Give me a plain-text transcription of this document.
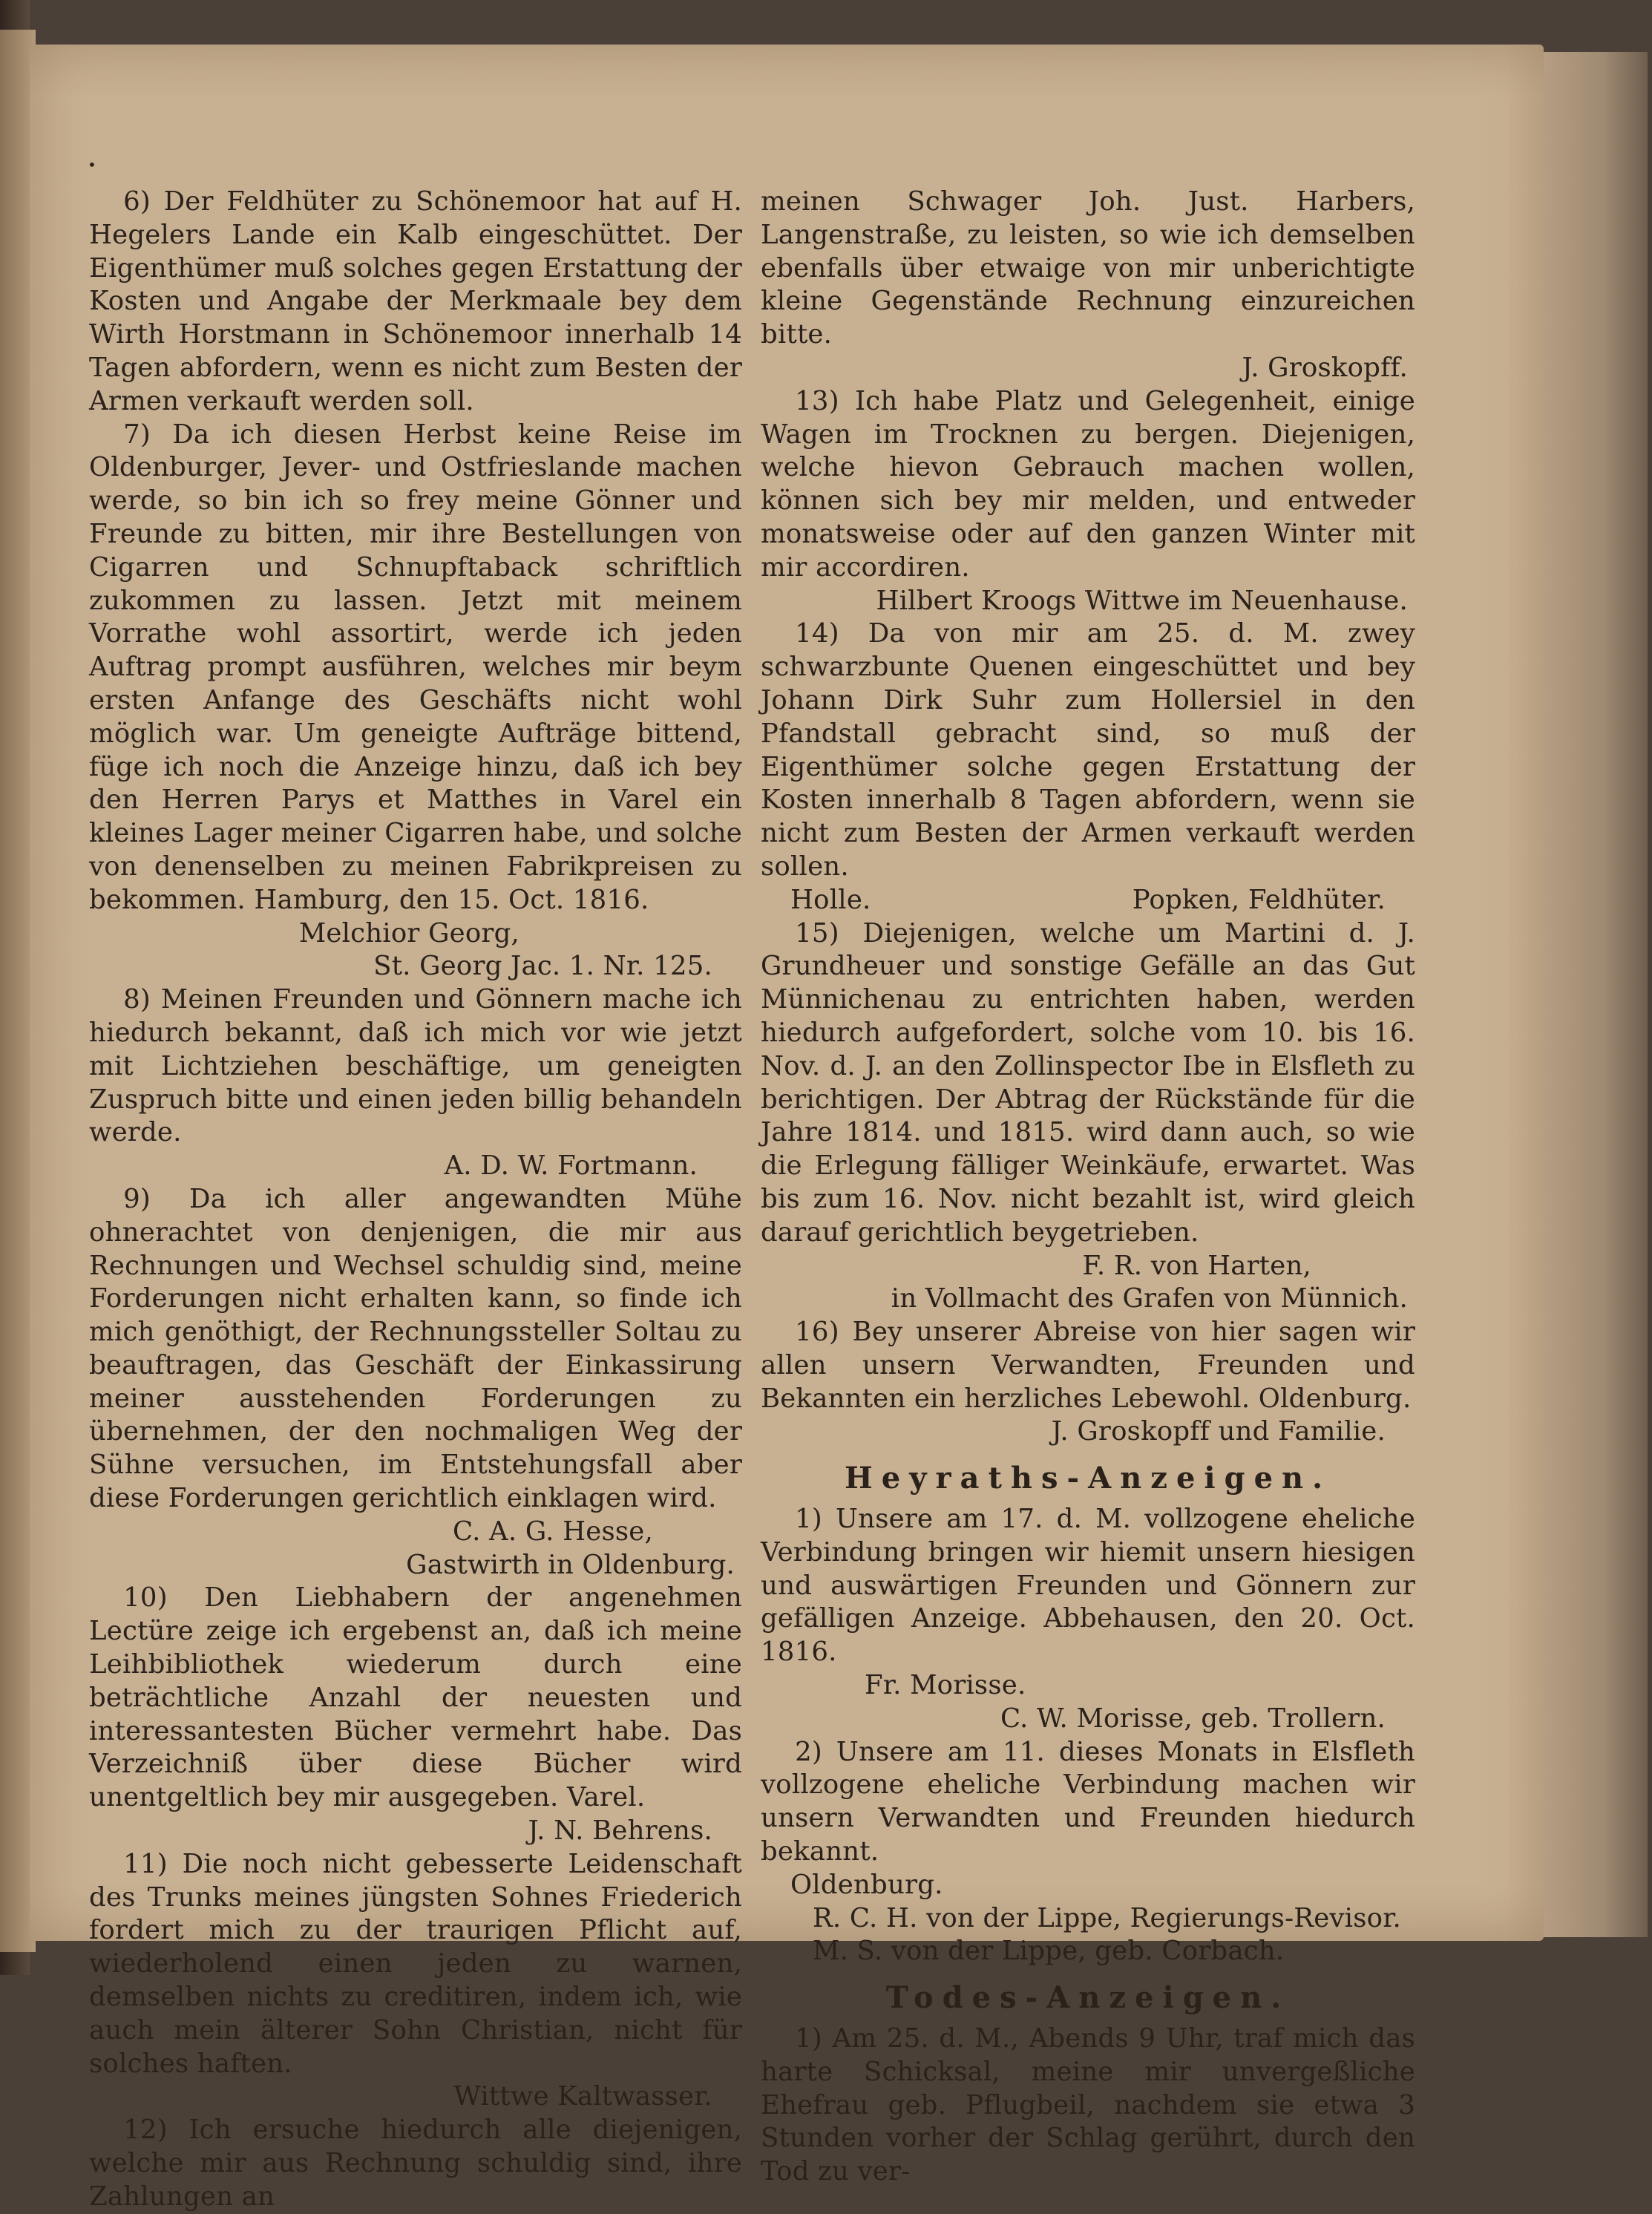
•

6) Der Feldhüter zu Schönemoor hat auf H. Hegelers Lande ein Kalb eingeschüttet. Der Eigenthümer muß solches gegen Erstattung der Kosten und Angabe der Merkmaale bey dem Wirth Horstmann in Schönemoor innerhalb 14 Tagen abfordern, wenn es nicht zum Besten der Armen verkauft werden soll.

7) Da ich diesen Herbst keine Reise im Oldenburger, Jever- und Ostfrieslande machen werde, so bin ich so frey meine Gönner und Freunde zu bitten, mir ihre Bestellungen von Cigarren und Schnupftaback schriftlich zukommen zu lassen. Jetzt mit meinem Vorrathe wohl assortirt, werde ich jeden Auftrag prompt ausführen, welches mir beym ersten Anfange des Geschäfts nicht wohl möglich war. Um geneigte Aufträge bittend, füge ich noch die Anzeige hinzu, daß ich bey den Herren Parys et Matthes in Varel ein kleines Lager meiner Cigarren habe, und solche von denenselben zu meinen Fabrikpreisen zu bekommen. Hamburg, den 15. Oct. 1816.

Melchior Georg,

St. Georg Jac. 1. Nr. 125.

8) Meinen Freunden und Gönnern mache ich hiedurch bekannt, daß ich mich vor wie jetzt mit Lichtziehen beschäftige, um geneigten Zuspruch bitte und einen jeden billig behandeln werde.

A. D. W. Fortmann.

9) Da ich aller angewandten Mühe ohnerachtet von denjenigen, die mir aus Rechnungen und Wechsel schuldig sind, meine Forderungen nicht erhalten kann, so finde ich mich genöthigt, der Rechnungssteller Soltau zu beauftragen, das Geschäft der Einkassirung meiner ausstehenden Forderungen zu übernehmen, der den nochmaligen Weg der Sühne versuchen, im Entstehungsfall aber diese Forderungen gerichtlich einklagen wird.

C. A. G. Hesse,

Gastwirth in Oldenburg.

10) Den Liebhabern der angenehmen Lectüre zeige ich ergebenst an, daß ich meine Leihbibliothek wiederum durch eine beträchtliche Anzahl der neuesten und interessantesten Bücher vermehrt habe. Das Verzeichniß über diese Bücher wird unentgeltlich bey mir ausgegeben. Varel.

J. N. Behrens.

11) Die noch nicht gebesserte Leidenschaft des Trunks meines jüngsten Sohnes Friederich fordert mich zu der traurigen Pflicht auf, wiederholend einen jeden zu warnen, demselben nichts zu creditiren, indem ich, wie auch mein älterer Sohn Christian, nicht für solches haften.

Wittwe Kaltwasser.

12) Ich ersuche hiedurch alle diejenigen, welche mir aus Rechnung schuldig sind, ihre Zahlungen an

meinen Schwager Joh. Just. Harbers, Langenstraße, zu leisten, so wie ich demselben ebenfalls über etwaige von mir unberichtigte kleine Gegenstände Rechnung einzureichen bitte.

J. Groskopff.

13) Ich habe Platz und Gelegenheit, einige Wagen im Trocknen zu bergen. Diejenigen, welche hievon Gebrauch machen wollen, können sich bey mir melden, und entweder monatsweise oder auf den ganzen Winter mit mir accordiren.

Hilbert Kroogs Wittwe im Neuenhause.

14) Da von mir am 25. d. M. zwey schwarzbunte Quenen eingeschüttet und bey Johann Dirk Suhr zum Hollersiel in den Pfandstall gebracht sind, so muß der Eigenthümer solche gegen Erstattung der Kosten innerhalb 8 Tagen abfordern, wenn sie nicht zum Besten der Armen verkauft werden sollen.

Holle.	Popken, Feldhüter.

15) Diejenigen, welche um Martini d. J. Grundheuer und sonstige Gefälle an das Gut Münnichenau zu entrichten haben, werden hiedurch aufgefordert, solche vom 10. bis 16. Nov. d. J. an den Zollinspector Ibe in Elsfleth zu berichtigen. Der Abtrag der Rückstände für die Jahre 1814. und 1815. wird dann auch, so wie die Erlegung fälliger Weinkäufe, erwartet. Was bis zum 16. Nov. nicht bezahlt ist, wird gleich darauf gerichtlich beygetrieben.

F. R. von Harten,

in Vollmacht des Grafen von Münnich.

16) Bey unserer Abreise von hier sagen wir allen unsern Verwandten, Freunden und Bekannten ein herzliches Lebewohl. Oldenburg.

J. Groskopff und Familie.

Heyraths-Anzeigen.

1) Unsere am 17. d. M. vollzogene eheliche Verbindung bringen wir hiemit unsern hiesigen und auswärtigen Freunden und Gönnern zur gefälligen Anzeige. Abbehausen, den 20. Oct. 1816.

Fr. Morisse.

C. W. Morisse, geb. Trollern.

2) Unsere am 11. dieses Monats in Elsfleth vollzogene eheliche Verbindung machen wir unsern Verwandten und Freunden hiedurch bekannt.

Oldenburg.

R. C. H. von der Lippe, Regierungs-Revisor.

M. S. von der Lippe, geb. Corbach.

Todes-Anzeigen.

1) Am 25. d. M., Abends 9 Uhr, traf mich das harte Schicksal, meine mir unvergeßliche Ehefrau geb. Pflugbeil, nachdem sie etwa 3 Stunden vorher der Schlag gerührt, durch den Tod zu ver-
